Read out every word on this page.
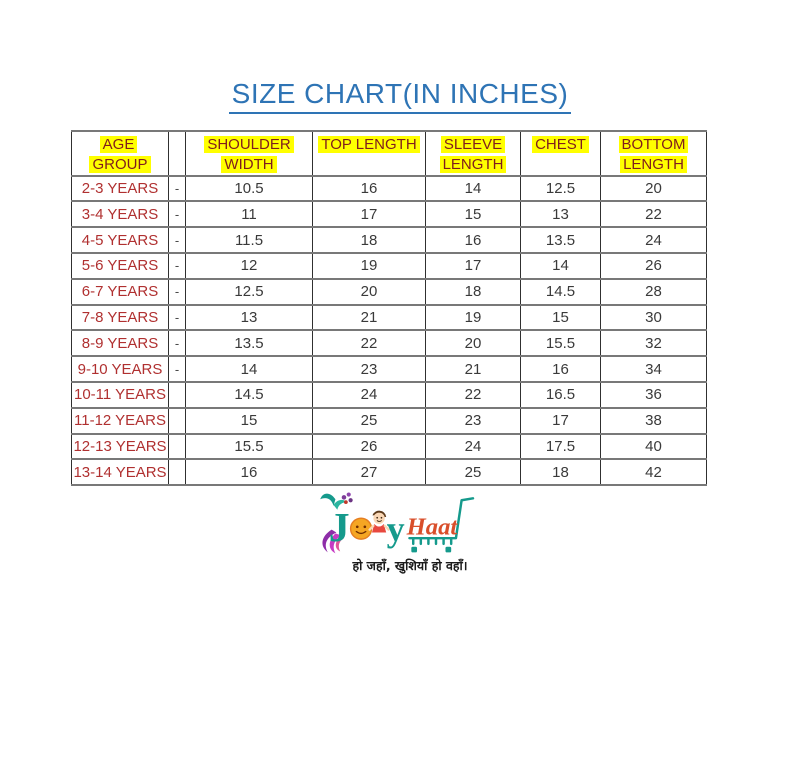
SIZE CHART(IN INCHES)
AGE GROUP		SHOULDER WIDTH	TOP LENGTH	SLEEVE LENGTH	CHEST	BOTTOM LENGTH
2-3 YEARS	-	10.5	16	14	12.5	20
3-4 YEARS	-	11	17	15	13	22
4-5 YEARS	-	11.5	18	16	13.5	24
5-6 YEARS	-	12	19	17	14	26
6-7 YEARS	-	12.5	20	18	14.5	28
7-8 YEARS	-	13	21	19	15	30
8-9 YEARS	-	13.5	22	20	15.5	32
9-10 YEARS	-	14	23	21	16	34
10-11 YEARS		14.5	24	22	16.5	36
11-12 YEARS		15	25	23	17	38
12-13 YEARS		15.5	26	24	17.5	40
13-14 YEARS		16	27	25	18	42
J y Haat
हो जहाँ, खुशियाँ हो वहाँ।
